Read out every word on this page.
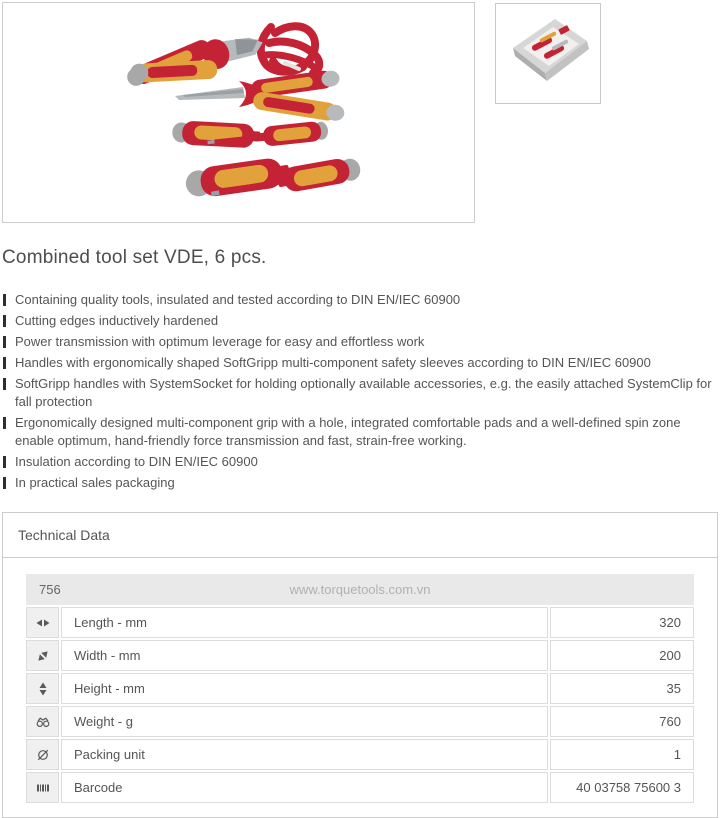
Combined tool set VDE, 6 pcs.
Containing quality tools, insulated and tested according to DIN EN/IEC 60900
Cutting edges inductively hardened
Power transmission with optimum leverage for easy and effortless work
Handles with ergonomically shaped SoftGripp multi-component safety sleeves according to DIN EN/IEC 60900
SoftGripp handles with SystemSocket for holding optionally available accessories, e.g. the easily attached SystemClip for fall protection
Ergonomically designed multi-component grip with a hole, integrated comfortable pads and a well-defined spin zone enable optimum, hand-friendly force transmission and fast, strain-free working.
Insulation according to DIN EN/IEC 60900
In practical sales packaging
Technical Data
756 www.torquetools.com.vn		
	Length - mm	320
	Width - mm	200
	Height - mm	35
	Weight - g	760
	Packing unit	1
	Barcode	40 03758 75600 3
